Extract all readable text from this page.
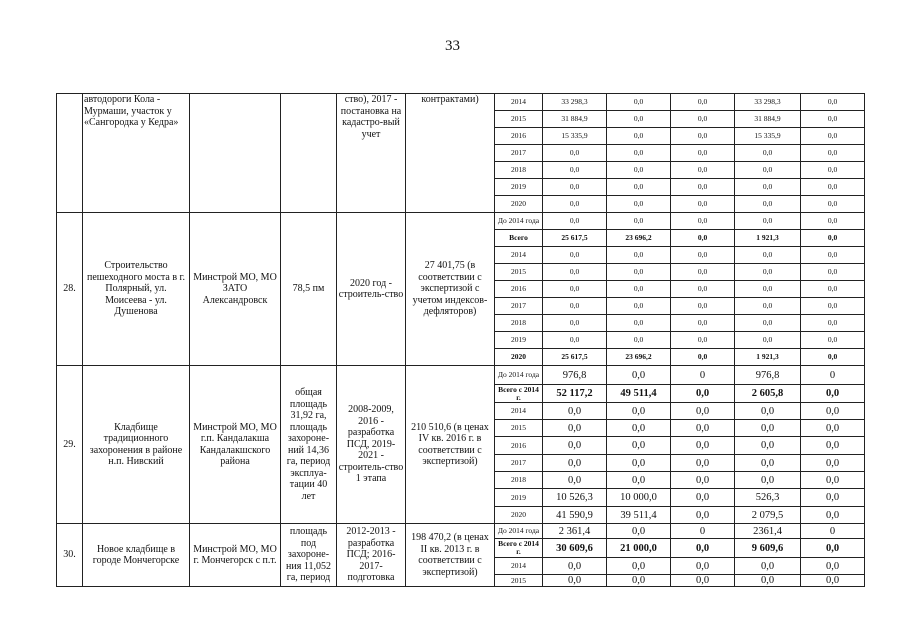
33
	автодороги Кола - Мурмаши, участок у «Сангородка у Кедра»			ство), 2017 - постановка на кадастро-вый учет	контрактами)	2014	33 298,3	0,0	0,0	33 298,3	0,0
						2015	31 884,9	0,0	0,0	31 884,9	0,0
						2016	15 335,9	0,0	0,0	15 335,9	0,0
						2017	0,0	0,0	0,0	0,0	0,0
						2018	0,0	0,0	0,0	0,0	0,0
						2019	0,0	0,0	0,0	0,0	0,0
						2020	0,0	0,0	0,0	0,0	0,0
28.	Строительство пешеходного моста в г. Полярный, ул. Моисеева - ул. Душенова	Минстрой МО, МО ЗАТО Александровск	78,5 пм	2020 год - строитель-ство	27 401,75 (в соответствии с экспертизой с учетом индексов-дефляторов)	До 2014 года	0,0	0,0	0,0	0,0	0,0
						Всего	25 617,5	23 696,2	0,0	1 921,3	0,0
						2014	0,0	0,0	0,0	0,0	0,0
						2015	0,0	0,0	0,0	0,0	0,0
						2016	0,0	0,0	0,0	0,0	0,0
						2017	0,0	0,0	0,0	0,0	0,0
						2018	0,0	0,0	0,0	0,0	0,0
						2019	0,0	0,0	0,0	0,0	0,0
						2020	25 617,5	23 696,2	0,0	1 921,3	0,0
29.	Кладбище традиционного захоронения в районе н.п. Нивский	Минстрой МО, МО г.п. Кандалакша Кандалакшского района	общая площадь 31,92 га, площадь захороне-ний 14,36 га, период эксплуа-тации 40 лет	2008-2009, 2016 - разработка ПСД, 2019-2021 - строитель-ство 1 этапа	210 510,6 (в ценах IV кв. 2016 г. в соответствии с экспертизой)	До 2014 года	976,8	0,0	0	976,8	0
						Всего с 2014 г.	52 117,2	49 511,4	0,0	2 605,8	0,0
						2014	0,0	0,0	0,0	0,0	0,0
						2015	0,0	0,0	0,0	0,0	0,0
						2016	0,0	0,0	0,0	0,0	0,0
						2017	0,0	0,0	0,0	0,0	0,0
						2018	0,0	0,0	0,0	0,0	0,0
						2019	10 526,3	10 000,0	0,0	526,3	0,0
						2020	41 590,9	39 511,4	0,0	2 079,5	0,0
30.	Новое кладбище в городе Мончегорске	Минстрой МО, МО г. Мончегорск с п.т.	площадь под захороне-ния 11,052 га, период	2012-2013 - разработка ПСД; 2016-2017-подготовка	198 470,2 (в ценах II кв. 2013 г. в соответствии с экспертизой)	До 2014 года	2 361,4	0,0	0	2361,4	0
						Всего с 2014 г.	30 609,6	21 000,0	0,0	9 609,6	0,0
						2014	0,0	0,0	0,0	0,0	0,0
						2015	0,0	0,0	0,0	0,0	0,0
